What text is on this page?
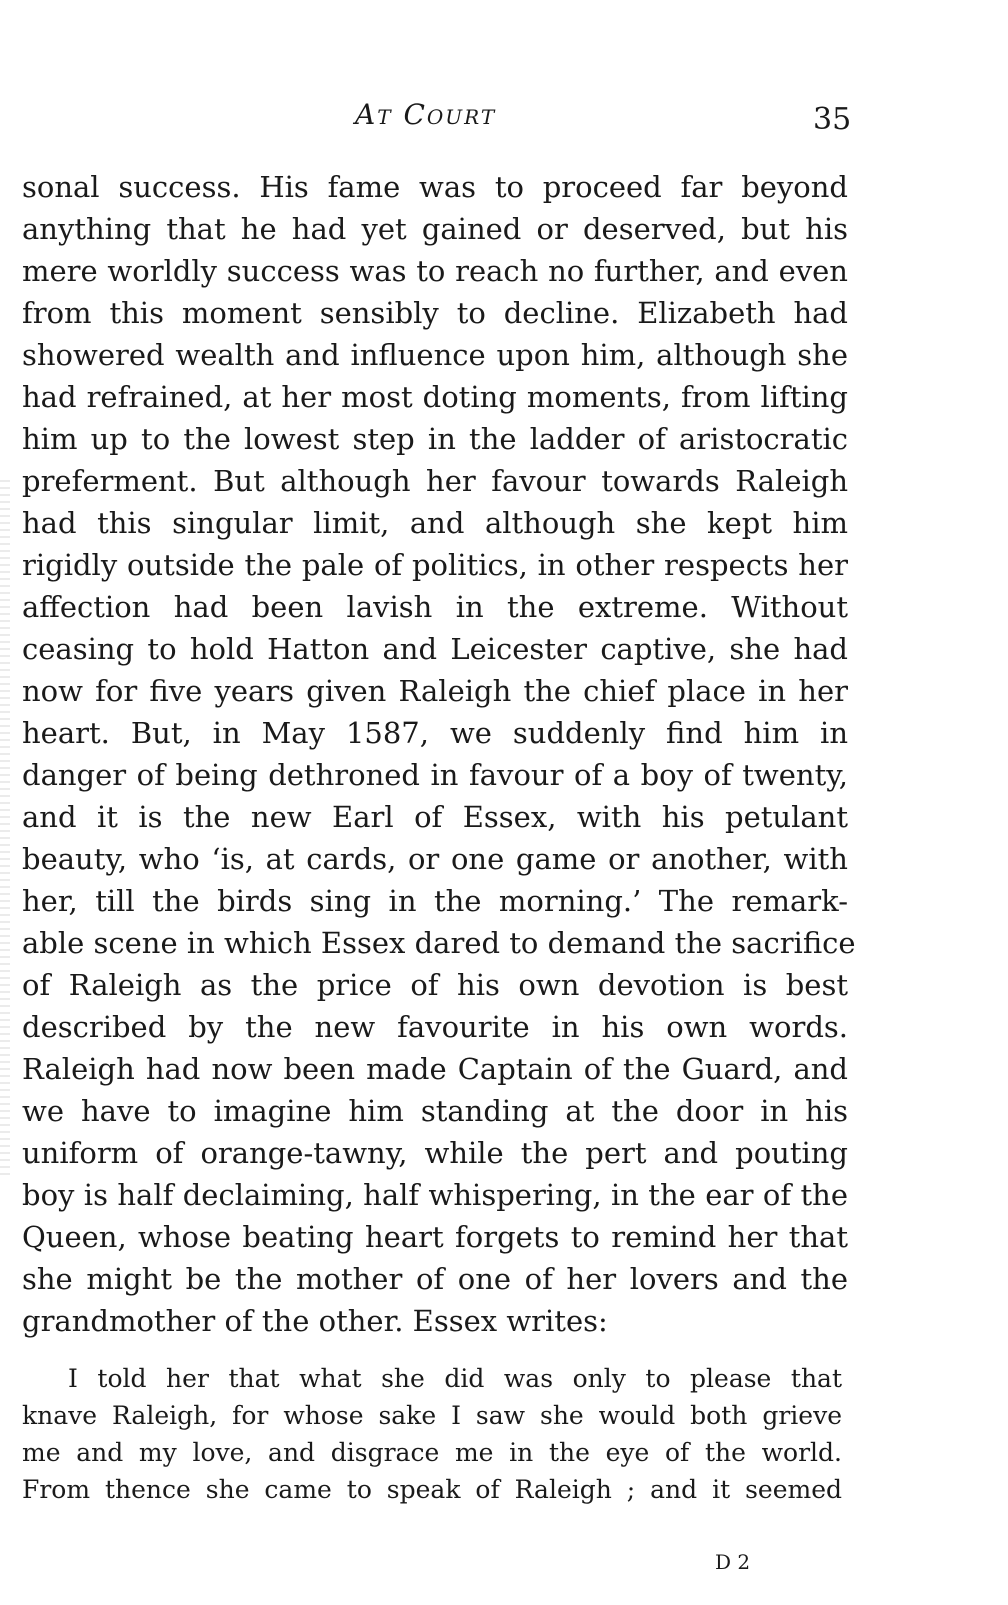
At Court	35
sonal success. His fame was to proceed far beyond
anything that he had yet gained or deserved, but his
mere worldly success was to reach no further, and even
from this moment sensibly to decline. Elizabeth had
showered wealth and influence upon him, although she
had refrained, at her most doting moments, from lifting
him up to the lowest step in the ladder of aristocratic
preferment. But although her favour towards Raleigh
had this singular limit, and although she kept him
rigidly outside the pale of politics, in other respects her
affection had been lavish in the extreme. Without
ceasing to hold Hatton and Leicester captive, she had
now for five years given Raleigh the chief place in her
heart. But, in May 1587, we suddenly find him in
danger of being dethroned in favour of a boy of twenty,
and it is the new Earl of Essex, with his petulant
beauty, who ‘is, at cards, or one game or another, with
her, till the birds sing in the morning.’ The remark-
able scene in which Essex dared to demand the sacrifice
of Raleigh as the price of his own devotion is best
described by the new favourite in his own words.
Raleigh had now been made Captain of the Guard, and
we have to imagine him standing at the door in his
uniform of orange-tawny, while the pert and pouting
boy is half declaiming, half whispering, in the ear of the
Queen, whose beating heart forgets to remind her that
she might be the mother of one of her lovers and the
grandmother of the other. Essex writes:
I told her that what she did was only to please that
knave Raleigh, for whose sake I saw she would both grieve
me and my love, and disgrace me in the eye of the world.
From thence she came to speak of Raleigh ; and it seemed
D 2
